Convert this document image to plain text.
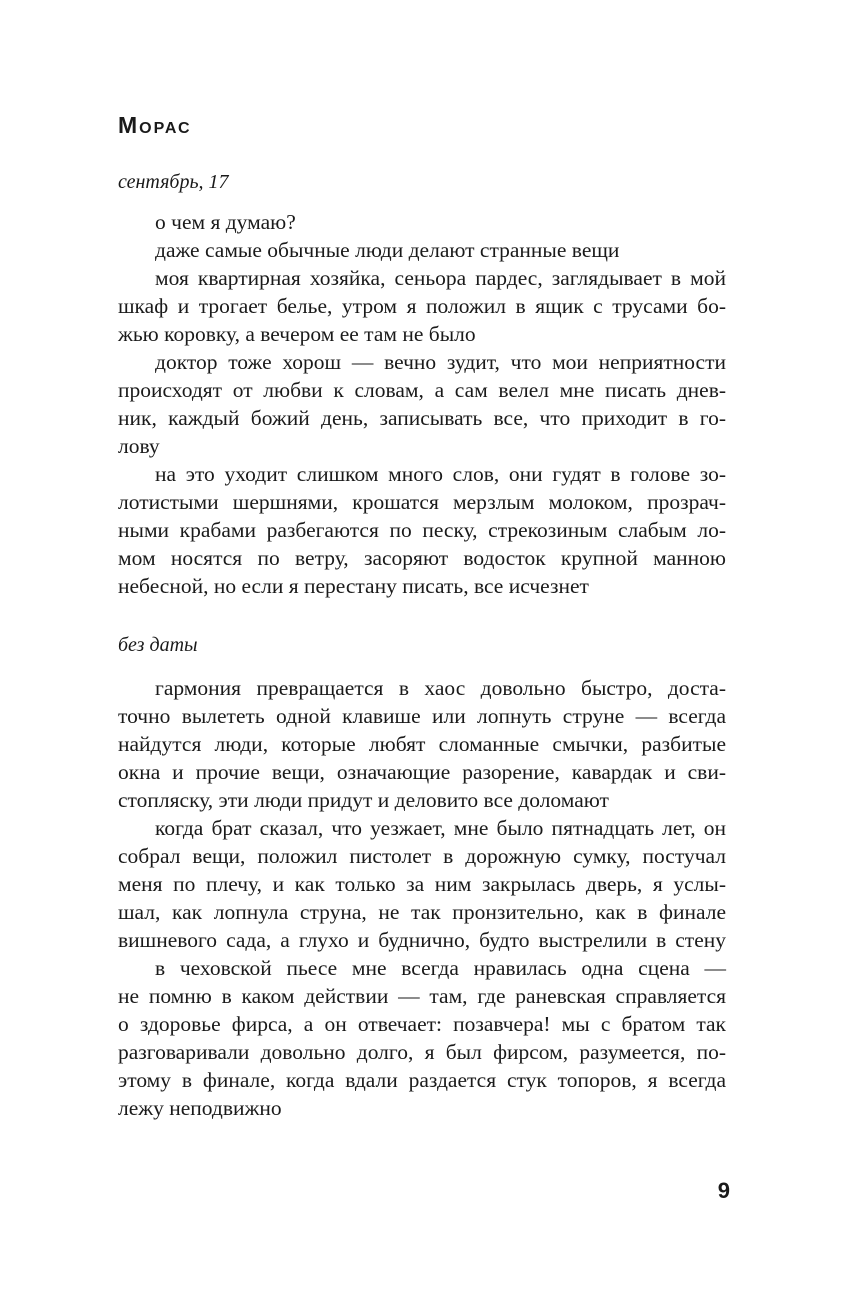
Морас
сентябрь, 17
о чем я думаю?
даже самые обычные люди делают странные вещи
моя квартирная хозяйка, сеньора пардес, заглядывает в мой
шкаф и трогает белье, утром я положил в ящик с трусами бо-
жью коровку, а вечером ее там не было
доктор тоже хорош — вечно зудит, что мои неприятности
происходят от любви к словам, а сам велел мне писать днев-
ник, каждый божий день, записывать все, что приходит в го-
лову
на это уходит слишком много слов, они гудят в голове зо-
лотистыми шершнями, крошатся мерзлым молоком, прозрач-
ными крабами разбегаются по песку, стрекозиным слабым ло-
мом носятся по ветру, засоряют водосток крупной манною
небесной, но если я перестану писать, все исчезнет
без даты
гармония превращается в хаос довольно быстро, доста-
точно вылететь одной клавише или лопнуть струне — всегда
найдутся люди, которые любят сломанные смычки, разбитые
окна и прочие вещи, означающие разорение, кавардак и сви-
стопляску, эти люди придут и деловито все доломают
когда брат сказал, что уезжает, мне было пятнадцать лет, он
собрал вещи, положил пистолет в дорожную сумку, постучал
меня по плечу, и как только за ним закрылась дверь, я услы-
шал, как лопнула струна, не так пронзительно, как в финале
вишневого сада, а глухо и буднично, будто выстрелили в стену
в чеховской пьесе мне всегда нравилась одна сцена —
не помню в каком действии — там, где раневская справляется
о здоровье фирса, а он отвечает: позавчера! мы с братом так
разговаривали довольно долго, я был фирсом, разумеется, по-
этому в финале, когда вдали раздается стук топоров, я всегда
лежу неподвижно
9
